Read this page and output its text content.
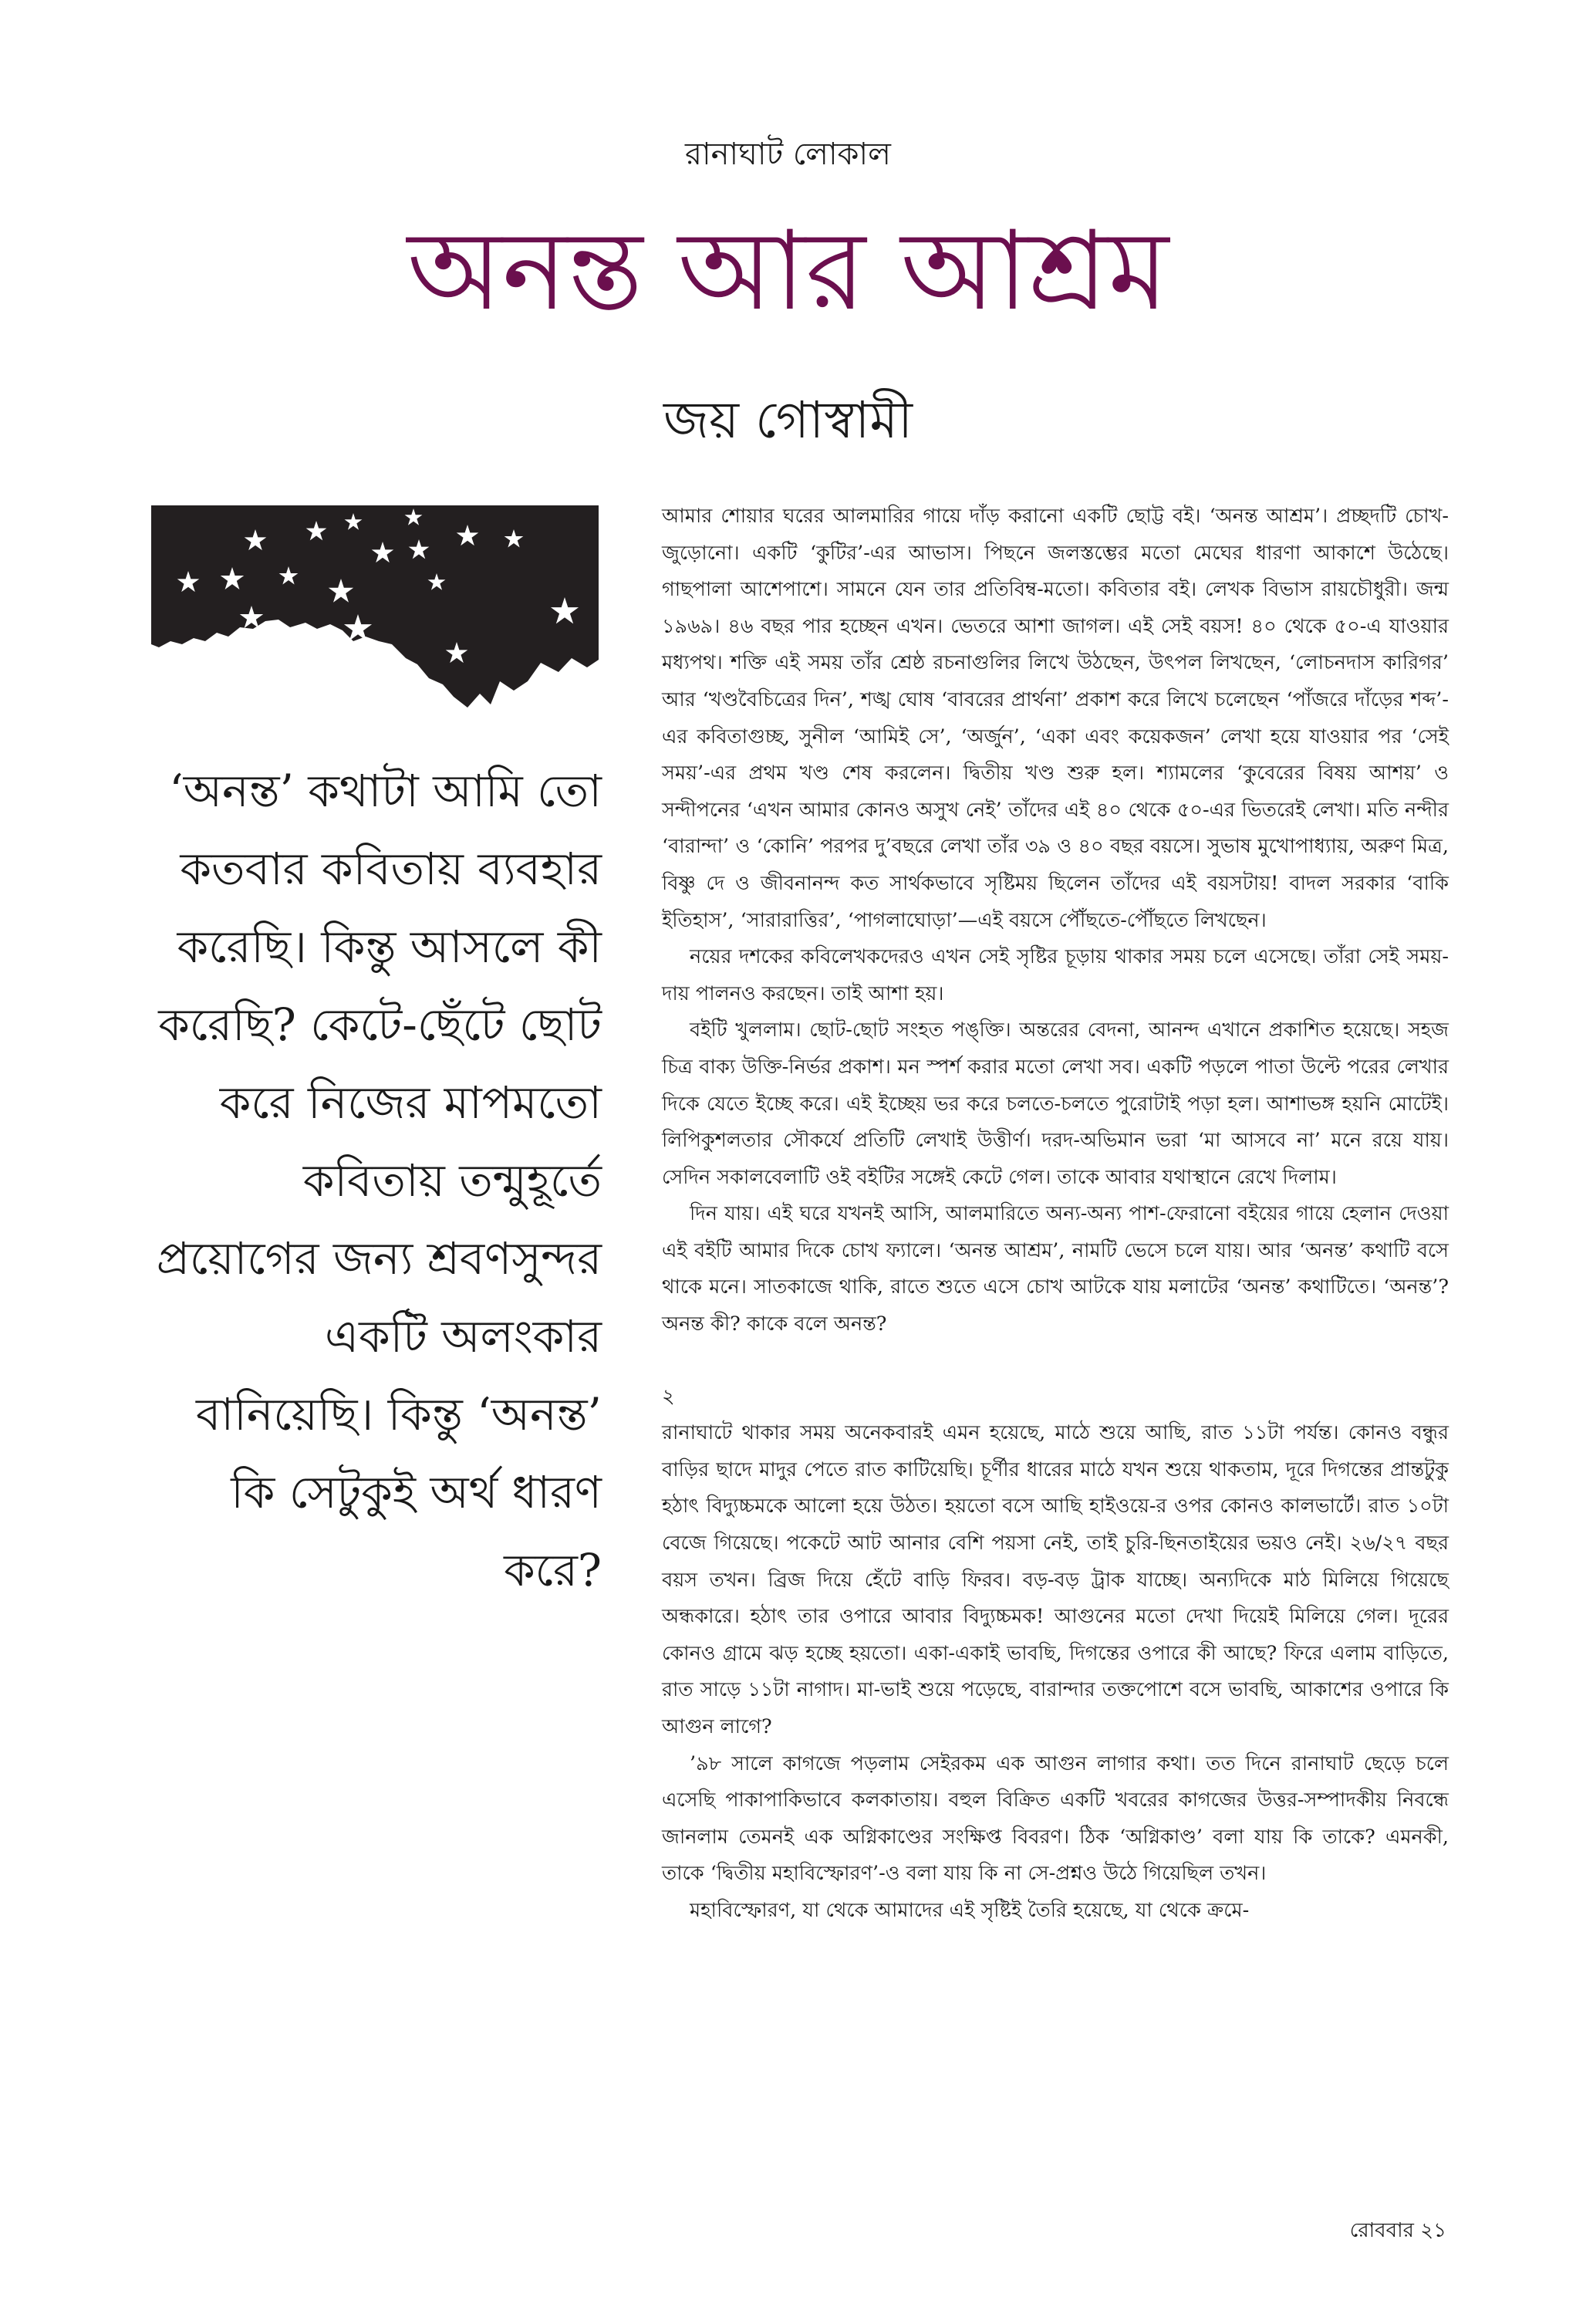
রানাঘাট লোকাল
অনন্ত আর আশ্রম
জয় গোস্বামী
‘অনন্ত’ কথাটা আমি তো কতবার কবিতায় ব্যবহার করেছি। কিন্তু আসলে কী করেছি? কেটে-ছেঁটে ছোট করে নিজের মাপমতো কবিতায় তন্মুহূর্তে প্রয়োগের জন্য শ্রবণসুন্দর একটি অলংকার বানিয়েছি। কিন্তু ‘অনন্ত’ কি সেটুকুই অর্থ ধারণ করে?

আমার শোয়ার ঘরের আলমারির গায়ে দাঁড় করানো একটি ছোট্ট বই। ‘অনন্ত আশ্রম’। প্রচ্ছদটি চোখ-জুড়োনো। একটি ‘কুটির’-এর আভাস। পিছনে জলস্তম্ভের মতো মেঘের ধারণা আকাশে উঠেছে। গাছপালা আশেপাশে। সামনে যেন তার প্রতিবিম্ব-মতো। কবিতার বই। লেখক বিভাস রায়চৌধুরী। জন্ম ১৯৬৯। ৪৬ বছর পার হচ্ছেন এখন। ভেতরে আশা জাগল। এই সেই বয়স! ৪০ থেকে ৫০-এ যাওয়ার মধ্যপথ। শক্তি এই সময় তাঁর শ্রেষ্ঠ রচনাগুলির লিখে উঠছেন, উৎপল লিখছেন, ‘লোচনদাস কারিগর’ আর ‘খণ্ডবৈচিত্রের দিন’, শঙ্খ ঘোষ ‘বাবরের প্রার্থনা’ প্রকাশ করে লিখে চলেছেন ‘পাঁজরে দাঁড়ের শব্দ’-এর কবিতাগুচ্ছ, সুনীল ‘আমিই সে’, ‘অর্জুন’, ‘একা এবং কয়েকজন’ লেখা হয়ে যাওয়ার পর ‘সেই সময়’-এর প্রথম খণ্ড শেষ করলেন। দ্বিতীয় খণ্ড শুরু হল। শ্যামলের ‘কুবেরের বিষয় আশয়’ ও সন্দীপনের ‘এখন আমার কোনও অসুখ নেই’ তাঁদের এই ৪০ থেকে ৫০-এর ভিতরেই লেখা। মতি নন্দীর ‘বারান্দা’ ও ‘কোনি’ পরপর দু’বছরে লেখা তাঁর ৩৯ ও ৪০ বছর বয়সে। সুভাষ মুখোপাধ্যায়, অরুণ মিত্র, বিষ্ণু দে ও জীবনানন্দ কত সার্থকভাবে সৃষ্টিময় ছিলেন তাঁদের এই বয়সটায়! বাদল সরকার ‘বাকি ইতিহাস’, ‘সারারাত্তির’, ‘পাগলাঘোড়া’—এই বয়সে পৌঁছতে-পৌঁছতে লিখছেন।

নয়ের দশকের কবিলেখকদেরও এখন সেই সৃষ্টির চূড়ায় থাকার সময় চলে এসেছে। তাঁরা সেই সময়-দায় পালনও করছেন। তাই আশা হয়।

বইটি খুললাম। ছোট-ছোট সংহত পঙ্‌ক্তি। অন্তরের বেদনা, আনন্দ এখানে প্রকাশিত হয়েছে। সহজ চিত্র বাক্য উক্তি-নির্ভর প্রকাশ। মন স্পর্শ করার মতো লেখা সব। একটি পড়লে পাতা উল্টে পরের লেখার দিকে যেতে ইচ্ছে করে। এই ইচ্ছেয় ভর করে চলতে-চলতে পুরোটাই পড়া হল। আশাভঙ্গ হয়নি মোটেই। লিপিকুশলতার সৌকর্যে প্রতিটি লেখাই উত্তীর্ণ। দরদ-অভিমান ভরা ‘মা আসবে না’ মনে রয়ে যায়। সেদিন সকালবেলাটি ওই বইটির সঙ্গেই কেটে গেল। তাকে আবার যথাস্থানে রেখে দিলাম।

দিন যায়। এই ঘরে যখনই আসি, আলমারিতে অন্য-অন্য পাশ-ফেরানো বইয়ের গায়ে হেলান দেওয়া এই বইটি আমার দিকে চোখ ফ্যালে। ‘অনন্ত আশ্রম’, নামটি ভেসে চলে যায়। আর ‘অনন্ত’ কথাটি বসে থাকে মনে। সাতকাজে থাকি, রাতে শুতে এসে চোখ আটকে যায় মলাটের ‘অনন্ত’ কথাটিতে। ‘অনন্ত’? অনন্ত কী? কাকে বলে অনন্ত?

২

রানাঘাটে থাকার সময় অনেকবারই এমন হয়েছে, মাঠে শুয়ে আছি, রাত ১১টা পর্যন্ত। কোনও বন্ধুর বাড়ির ছাদে মাদুর পেতে রাত কাটিয়েছি। চূর্ণীর ধারের মাঠে যখন শুয়ে থাকতাম, দূরে দিগন্তের প্রান্তটুকু হঠাৎ বিদ্যুচ্চমকে আলো হয়ে উঠত। হয়তো বসে আছি হাইওয়ে-র ওপর কোনও কালভার্টে। রাত ১০টা বেজে গিয়েছে। পকেটে আট আনার বেশি পয়সা নেই, তাই চুরি-ছিনতাইয়ের ভয়ও নেই। ২৬/২৭ বছর বয়স তখন। ব্রিজ দিয়ে হেঁটে বাড়ি ফিরব। বড়-বড় ট্রাক যাচ্ছে। অন্যদিকে মাঠ মিলিয়ে গিয়েছে অন্ধকারে। হঠাৎ তার ওপারে আবার বিদ্যুচ্চমক! আগুনের মতো দেখা দিয়েই মিলিয়ে গেল। দূরের কোনও গ্রামে ঝড় হচ্ছে হয়তো। একা-একাই ভাবছি, দিগন্তের ওপারে কী আছে? ফিরে এলাম বাড়িতে, রাত সাড়ে ১১টা নাগাদ। মা-ভাই শুয়ে পড়েছে, বারান্দার তক্তপোশে বসে ভাবছি, আকাশের ওপারে কি আগুন লাগে?

’৯৮ সালে কাগজে পড়লাম সেইরকম এক আগুন লাগার কথা। তত দিনে রানাঘাট ছেড়ে চলে এসেছি পাকাপাকিভাবে কলকাতায়। বহুল বিক্রিত একটি খবরের কাগজের উত্তর-সম্পাদকীয় নিবন্ধে জানলাম তেমনই এক অগ্নিকাণ্ডের সংক্ষিপ্ত বিবরণ। ঠিক ‘অগ্নিকাণ্ড’ বলা যায় কি তাকে? এমনকী, তাকে ‘দ্বিতীয় মহাবিস্ফোরণ’-ও বলা যায় কি না সে-প্রশ্নও উঠে গিয়েছিল তখন।

মহাবিস্ফোরণ, যা থেকে আমাদের এই সৃষ্টিই তৈরি হয়েছে, যা থেকে ক্রমে-

রোববার ২১
